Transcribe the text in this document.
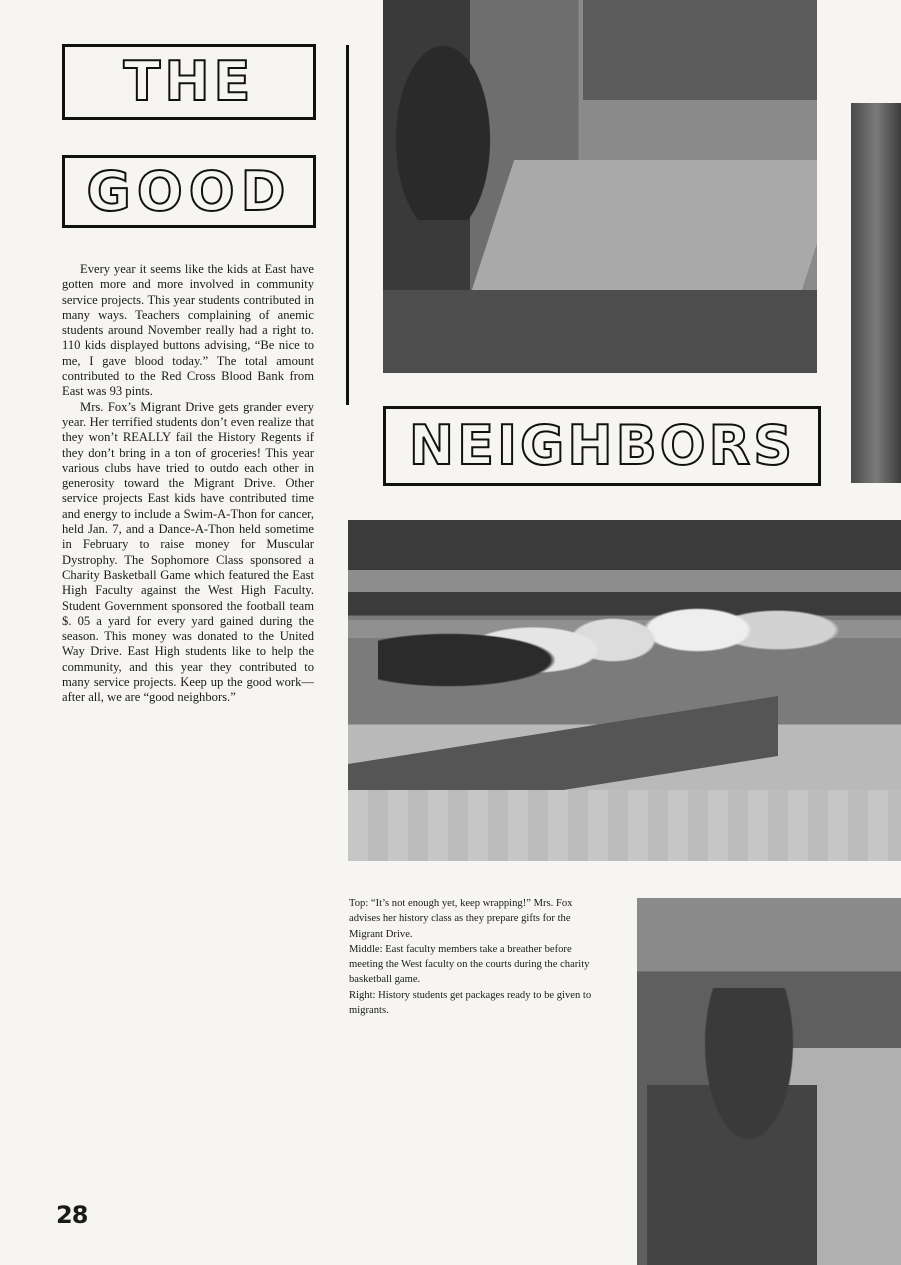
THE
GOOD

Every year it seems like the kids at East have gotten more and more involved in community service projects. This year students contributed in many ways. Teachers complaining of anemic students around November really had a right to. 110 kids displayed buttons advising, “Be nice to me, I gave blood today.” The total amount contributed to the Red Cross Blood Bank from East was 93 pints.

Mrs. Fox’s Migrant Drive gets grander every year. Her terrified students don’t even realize that they won’t REALLY fail the History Regents if they don’t bring in a ton of groceries! This year various clubs have tried to outdo each other in generosity toward the Migrant Drive. Other service projects East kids have contributed time and energy to include a Swim-A-Thon for cancer, held Jan. 7, and a Dance-A-Thon held sometime in February to raise money for Muscular Dystrophy. The Sophomore Class sponsored a Charity Basketball Game which featured the East High Faculty against the West High Faculty. Student Government sponsored the football team $. 05 a yard for every yard gained during the season. This money was donated to the United Way Drive. East High students like to help the community, and this year they contributed to many service projects. Keep up the good work—after all, we are “good neighbors.”

NEIGHBORS
Top: “It’s not enough yet, keep wrapping!” Mrs. Fox advises her history class as they prepare gifts for the Migrant Drive.
Middle: East faculty members take a breather before meeting the West faculty on the courts during the charity basketball game.
Right: History students get packages ready to be given to migrants.
28
